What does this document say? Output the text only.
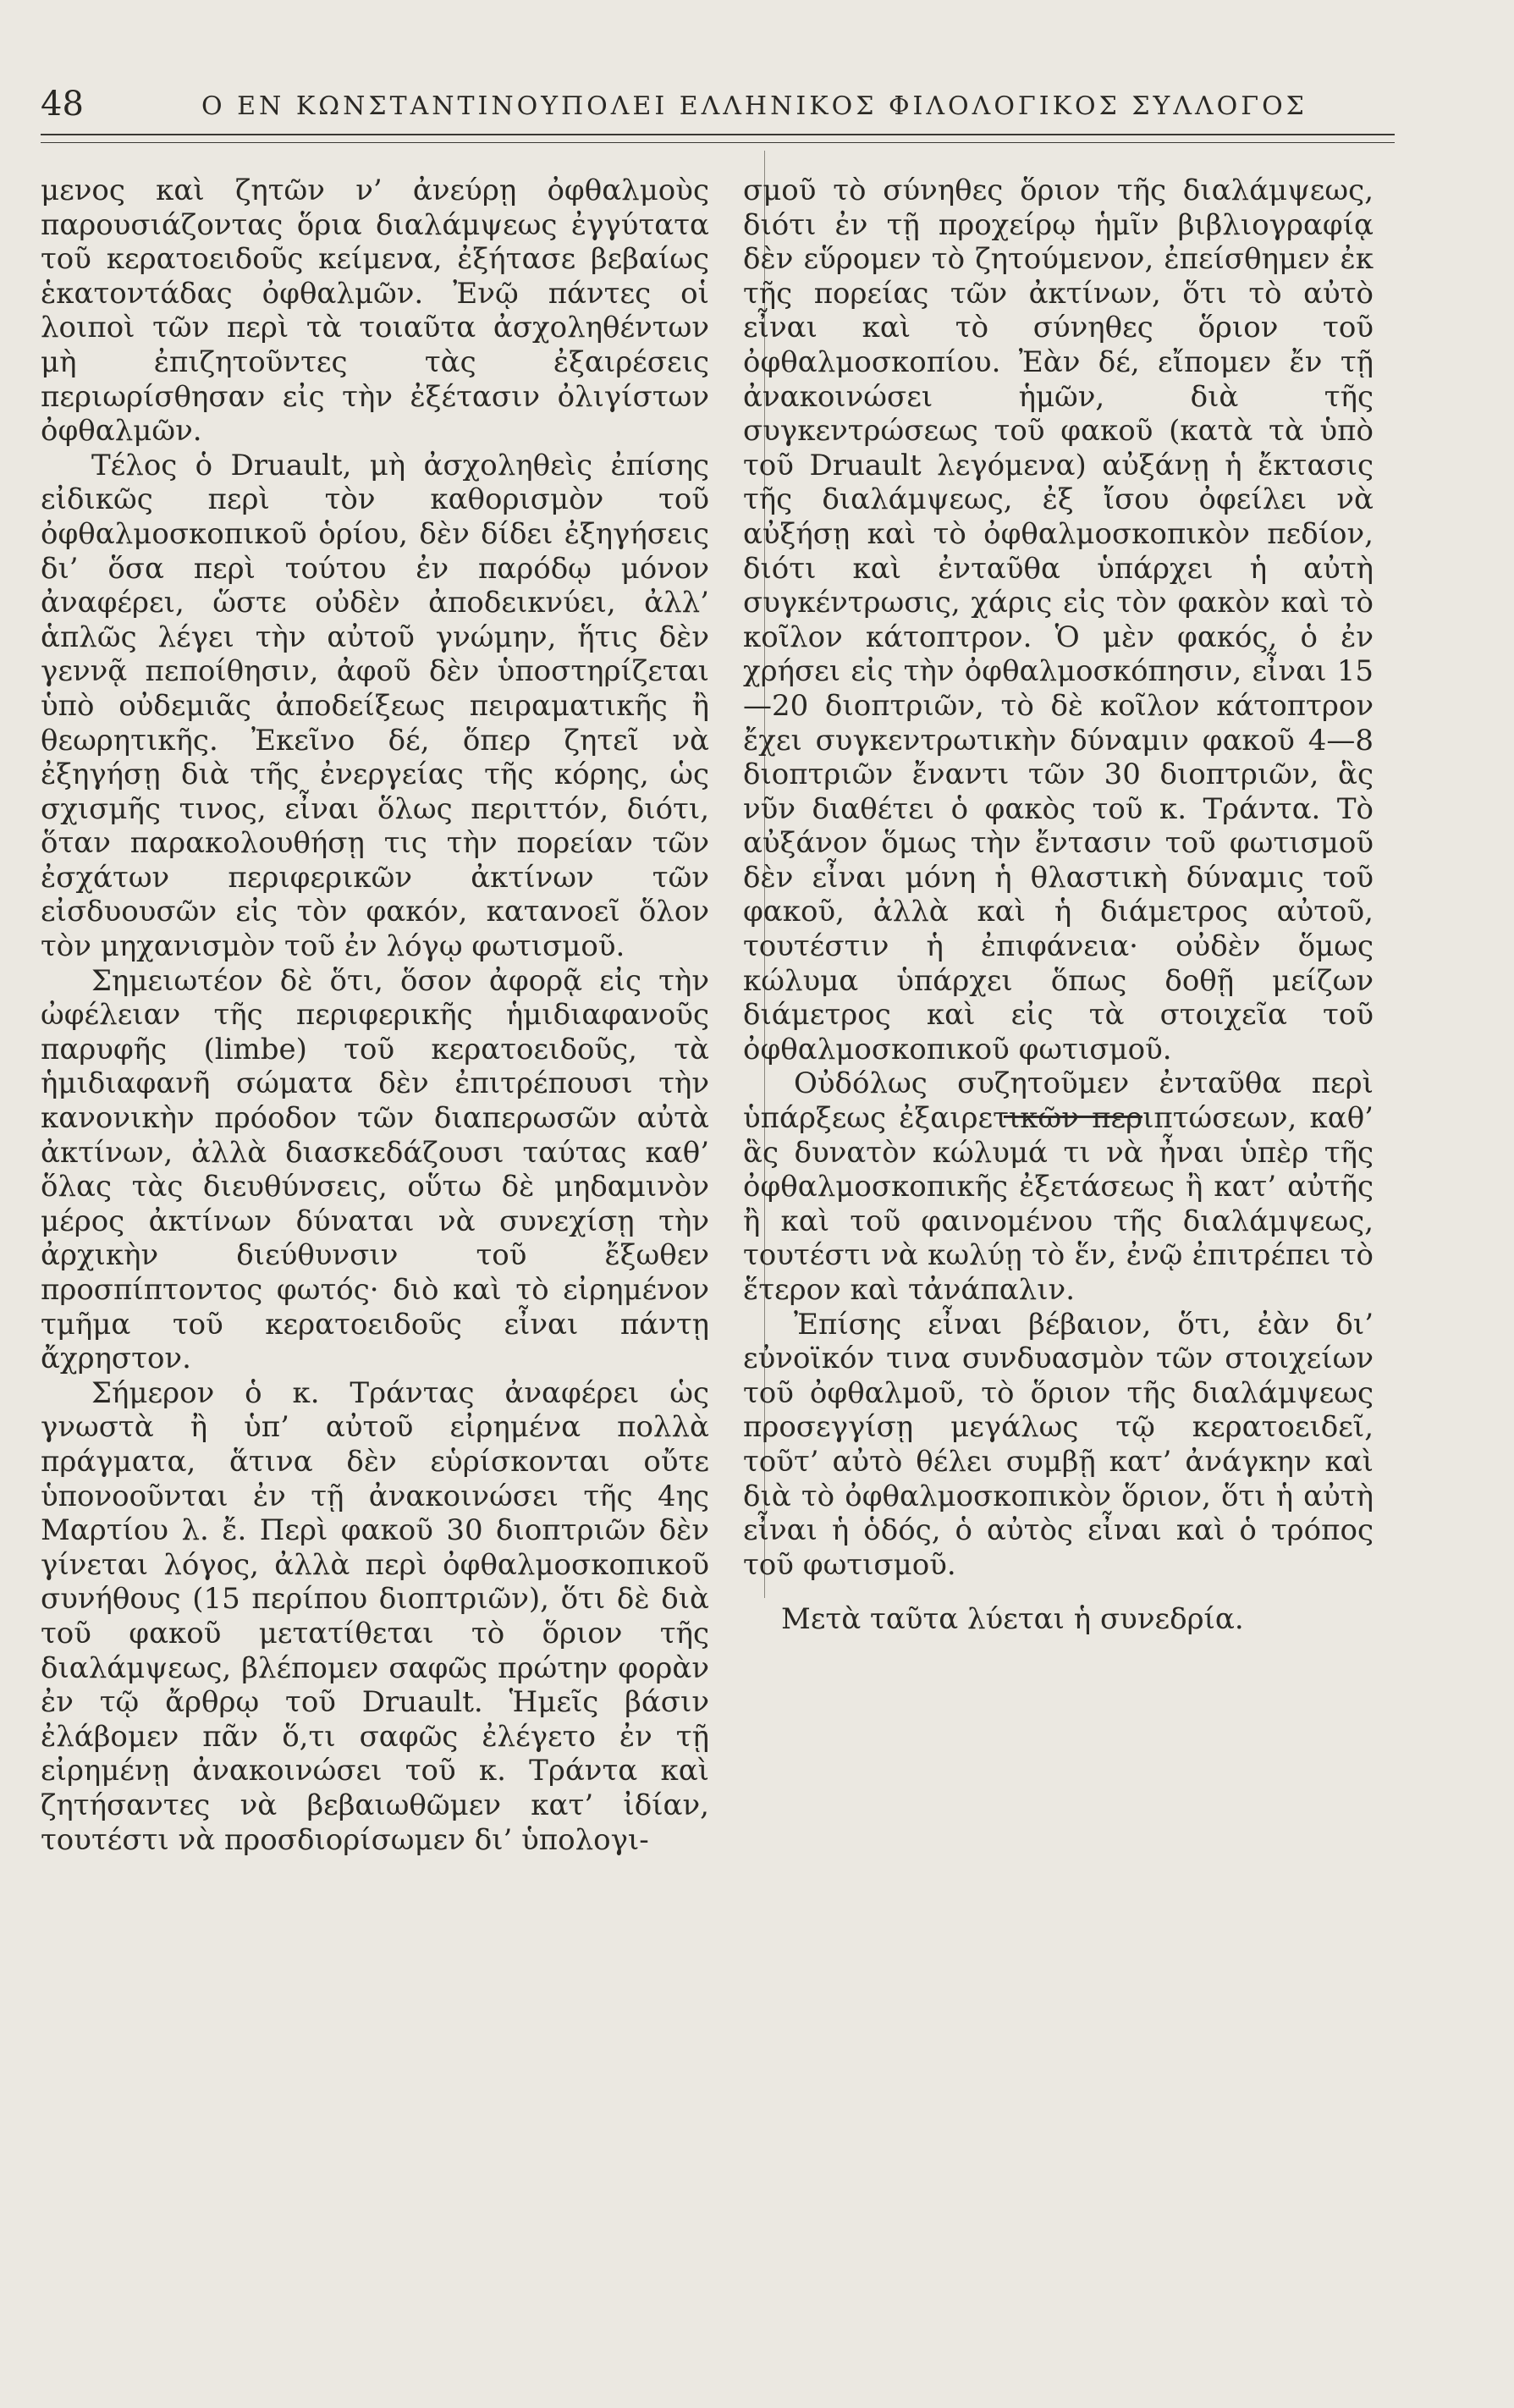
48	Ο ΕΝ ΚΩΝΣΤΑΝΤΙΝΟΥΠΟΛΕΙ ΕΛΛΗΝΙΚΟΣ ΦΙΛΟΛΟΓΙΚΟΣ ΣΥΛΛΟΓΟΣ

μενος καὶ ζητῶν ν’ ἀνεύρῃ ὀφθαλμοὺς παρουσιάζοντας ὅρια διαλάμψεως ἐγγύτατα τοῦ κερατοειδοῦς κείμενα, ἐξήτασε βεβαίως ἑκατοντάδας ὀφθαλμῶν. Ἐνῷ πάντες οἱ λοιποὶ τῶν περὶ τὰ τοιαῦτα ἀσχοληθέντων μὴ ἐπιζητοῦντες τὰς ἐξαιρέσεις περιωρίσθησαν εἰς τὴν ἐξέτασιν ὀλιγίστων ὀφθαλμῶν.

Τέλος ὁ Druault, μὴ ἀσχοληθεὶς ἐπίσης εἰδικῶς περὶ τὸν καθορισμὸν τοῦ ὀφθαλμοσκοπικοῦ ὁρίου, δὲν δίδει ἐξηγήσεις δι’ ὅσα περὶ τούτου ἐν παρόδῳ μόνον ἀναφέρει, ὥστε οὐδὲν ἀποδεικνύει, ἀλλ’ ἁπλῶς λέγει τὴν αὐτοῦ γνώμην, ἥτις δὲν γεννᾷ πεποίθησιν, ἀφοῦ δὲν ὑποστηρίζεται ὑπὸ οὐδεμιᾶς ἀποδείξεως πειραματικῆς ἢ θεωρητικῆς. Ἐκεῖνο δέ, ὅπερ ζητεῖ νὰ ἐξηγήσῃ διὰ τῆς ἐνεργείας τῆς κόρης, ὡς σχισμῆς τινος, εἶναι ὅλως περιττόν, διότι, ὅταν παρακολουθήσῃ τις τὴν πορείαν τῶν ἐσχάτων περιφερικῶν ἀκτίνων τῶν εἰσδυουσῶν εἰς τὸν φακόν, κατανοεῖ ὅλον τὸν μηχανισμὸν τοῦ ἐν λόγῳ φωτισμοῦ.

Σημειωτέον δὲ ὅτι, ὅσον ἀφορᾷ εἰς τὴν ὠφέλειαν τῆς περιφερικῆς ἡμιδιαφανοῦς παρυφῆς (limbe) τοῦ κερατοειδοῦς, τὰ ἡμιδιαφανῆ σώματα δὲν ἐπιτρέπουσι τὴν κανονικὴν πρόοδον τῶν διαπερωσῶν αὐτὰ ἀκτίνων, ἀλλὰ διασκεδάζουσι ταύτας καθ’ ὅλας τὰς διευθύνσεις, οὕτω δὲ μηδαμινὸν μέρος ἀκτίνων δύναται νὰ συνεχίσῃ τὴν ἀρχικὴν διεύθυνσιν τοῦ ἔξωθεν προσπίπτοντος φωτός· διὸ καὶ τὸ εἰρημένον τμῆμα τοῦ κερατοειδοῦς εἶναι πάντῃ ἄχρηστον.

Σήμερον ὁ κ. Τράντας ἀναφέρει ὡς γνωστὰ ἢ ὑπ’ αὐτοῦ εἰρημένα πολλὰ πράγματα, ἅτινα δὲν εὑρίσκονται οὔτε ὑπονοοῦνται ἐν τῇ ἀνακοινώσει τῆς 4ης Μαρτίου λ. ἔ. Περὶ φακοῦ 30 διοπτριῶν δὲν γίνεται λόγος, ἀλλὰ περὶ ὀφθαλμοσκοπικοῦ συνήθους (15 περίπου διοπτριῶν), ὅτι δὲ διὰ τοῦ φακοῦ μετατίθεται τὸ ὅριον τῆς διαλάμψεως, βλέπομεν σαφῶς πρώτην φορὰν ἐν τῷ ἄρθρῳ τοῦ Druault. Ἡμεῖς βάσιν ἐλάβομεν πᾶν ὅ,τι σαφῶς ἐλέγετο ἐν τῇ εἰρημένῃ ἀνακοινώσει τοῦ κ. Τράντα καὶ ζητήσαντες νὰ βεβαιωθῶμεν κατ’ ἰδίαν, τουτέστι νὰ προσδιορίσωμεν δι’ ὑπολογι-

σμοῦ τὸ σύνηθες ὅριον τῆς διαλάμψεως, διότι ἐν τῇ προχείρῳ ἡμῖν βιβλιογραφίᾳ δὲν εὕρομεν τὸ ζητούμενον, ἐπείσθημεν ἐκ τῆς πορείας τῶν ἀκτίνων, ὅτι τὸ αὐτὸ εἶναι καὶ τὸ σύνηθες ὅριον τοῦ ὀφθαλμοσκοπίου. Ἐὰν δέ, εἴπομεν ἔν τῇ ἀνακοινώσει ἡμῶν, διὰ τῆς συγκεντρώσεως τοῦ φακοῦ (κατὰ τὰ ὑπὸ τοῦ Druault λεγόμενα) αὐξάνῃ ἡ ἔκτασις τῆς διαλάμψεως, ἐξ ἴσου ὀφείλει νὰ αὐξήσῃ καὶ τὸ ὀφθαλμοσκοπικὸν πεδίον, διότι καὶ ἐνταῦθα ὑπάρχει ἡ αὐτὴ συγκέντρωσις, χάρις εἰς τὸν φακὸν καὶ τὸ κοῖλον κάτοπτρον. Ὁ μὲν φακός, ὁ ἐν χρήσει εἰς τὴν ὀφθαλμοσκόπησιν, εἶναι 15—20 διοπτριῶν, τὸ δὲ κοῖλον κάτοπτρον ἔχει συγκεντρωτικὴν δύναμιν φακοῦ 4—8 διοπτριῶν ἔναντι τῶν 30 διοπτριῶν, ἃς νῦν διαθέτει ὁ φακὸς τοῦ κ. Τράντα. Τὸ αὐξάνον ὅμως τὴν ἔντασιν τοῦ φωτισμοῦ δὲν εἶναι μόνη ἡ θλαστικὴ δύναμις τοῦ φακοῦ, ἀλλὰ καὶ ἡ διάμετρος αὐτοῦ, τουτέστιν ἡ ἐπιφάνεια· οὐδὲν ὅμως κώλυμα ὑπάρχει ὅπως δοθῇ μείζων διάμετρος καὶ εἰς τὰ στοιχεῖα τοῦ ὀφθαλμοσκοπικοῦ φωτισμοῦ.

Οὐδόλως συζητοῦμεν ἐνταῦθα περὶ ὑπάρξεως ἐξαιρετικῶν περιπτώσεων, καθ’ ἃς δυνατὸν κώλυμά τι νὰ ἦναι ὑπὲρ τῆς ὀφθαλμοσκοπικῆς ἐξετάσεως ἢ κατ’ αὐτῆς ἢ καὶ τοῦ φαινομένου τῆς διαλάμψεως, τουτέστι νὰ κωλύῃ τὸ ἕν, ἐνῷ ἐπιτρέπει τὸ ἕτερον καὶ τἀνάπαλιν.

Ἐπίσης εἶναι βέβαιον, ὅτι, ἐὰν δι’ εὐνοϊκόν τινα συνδυασμὸν τῶν στοιχείων τοῦ ὀφθαλμοῦ, τὸ ὅριον τῆς διαλάμψεως προσεγγίσῃ μεγάλως τῷ κερατοειδεῖ, τοῦτ’ αὐτὸ θέλει συμβῇ κατ’ ἀνάγκην καὶ διὰ τὸ ὀφθαλμοσκοπικὸν ὅριον, ὅτι ἡ αὐτὴ εἶναι ἡ ὁδός, ὁ αὐτὸς εἶναι καὶ ὁ τρόπος τοῦ φωτισμοῦ.

Μετὰ ταῦτα λύεται ἡ συνεδρία.
